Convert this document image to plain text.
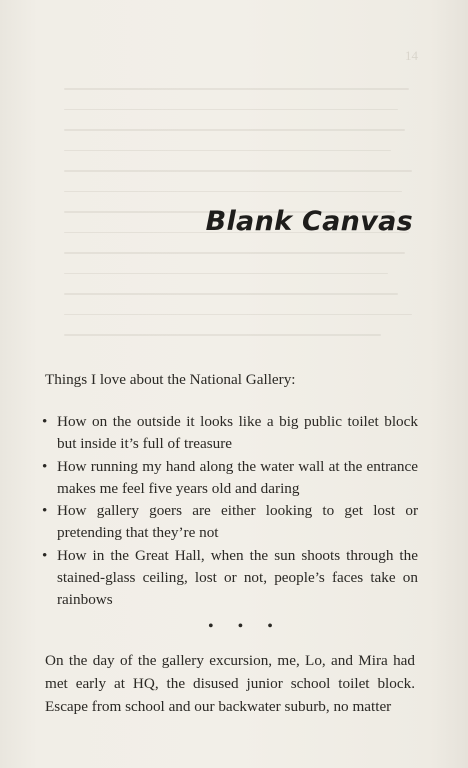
14
Blank Canvas

Things I love about the National Gallery:

• How on the outside it looks like a big public toilet block but inside it’s full of treasure
• How running my hand along the water wall at the entrance makes me feel five years old and daring
• How gallery goers are either looking to get lost or pretending that they’re not
• How in the Great Hall, when the sun shoots through the stained-glass ceiling, lost or not, people’s faces take on rainbows
• • •

On the day of the gallery excursion, me, Lo, and Mira had met early at HQ, the disused junior school toilet block. Escape from school and our backwater suburb, no matter
